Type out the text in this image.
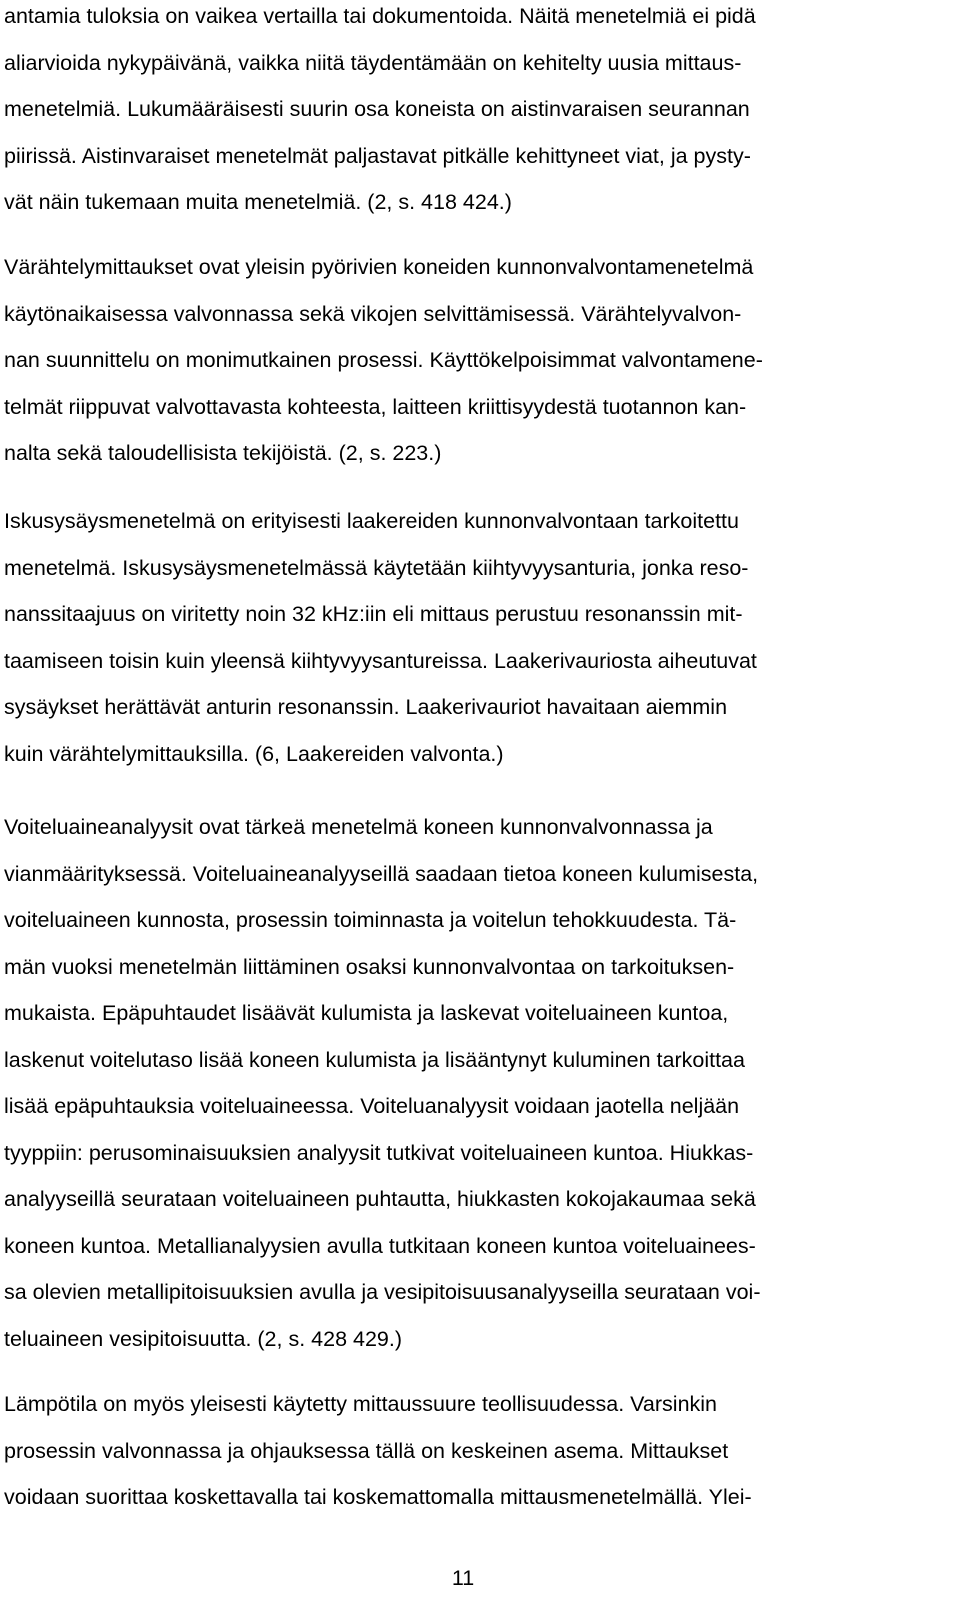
antamia tuloksia on vaikea vertailla tai dokumentoida. Näitä menetelmiä ei pidä
aliarvioida nykypäivänä, vaikka niitä täydentämään on kehitelty uusia mittaus-
menetelmiä. Lukumääräisesti suurin osa koneista on aistinvaraisen seurannan
piirissä. Aistinvaraiset menetelmät paljastavat pitkälle kehittyneet viat, ja pysty-
vät näin tukemaan muita menetelmiä. (2, s. 418 424.)

Värähtelymittaukset ovat yleisin pyörivien koneiden kunnonvalvontamenetelmä
käytönaikaisessa valvonnassa sekä vikojen selvittämisessä. Värähtelyvalvon-
nan suunnittelu on monimutkainen prosessi. Käyttökelpoisimmat valvontamene-
telmät riippuvat valvottavasta kohteesta, laitteen kriittisyydestä tuotannon kan-
nalta sekä taloudellisista tekijöistä. (2, s. 223.)

Iskusysäysmenetelmä on erityisesti laakereiden kunnonvalvontaan tarkoitettu
menetelmä. Iskusysäysmenetelmässä käytetään kiihtyvyysanturia, jonka reso-
nanssitaajuus on viritetty noin 32 kHz:iin eli mittaus perustuu resonanssin mit-
taamiseen toisin kuin yleensä kiihtyvyysantureissa. Laakerivauriosta aiheutuvat
sysäykset herättävät anturin resonanssin. Laakerivauriot havaitaan aiemmin
kuin värähtelymittauksilla. (6, Laakereiden valvonta.)

Voiteluaineanalyysit ovat tärkeä menetelmä koneen kunnonvalvonnassa ja
vianmäärityksessä. Voiteluaineanalyyseillä saadaan tietoa koneen kulumisesta,
voiteluaineen kunnosta, prosessin toiminnasta ja voitelun tehokkuudesta. Tä-
män vuoksi menetelmän liittäminen osaksi kunnonvalvontaa on tarkoituksen-
mukaista. Epäpuhtaudet lisäävät kulumista ja laskevat voiteluaineen kuntoa,
laskenut voitelutaso lisää koneen kulumista ja lisääntynyt kuluminen tarkoittaa
lisää epäpuhtauksia voiteluaineessa. Voiteluanalyysit voidaan jaotella neljään
tyyppiin: perusominaisuuksien analyysit tutkivat voiteluaineen kuntoa. Hiukkas-
analyyseillä seurataan voiteluaineen puhtautta, hiukkasten kokojakaumaa sekä
koneen kuntoa. Metallianalyysien avulla tutkitaan koneen kuntoa voiteluainees-
sa olevien metallipitoisuuksien avulla ja vesipitoisuusanalyyseilla seurataan voi-
teluaineen vesipitoisuutta. (2, s. 428 429.)

Lämpötila on myös yleisesti käytetty mittaussuure teollisuudessa. Varsinkin
prosessin valvonnassa ja ohjauksessa tällä on keskeinen asema. Mittaukset
voidaan suorittaa koskettavalla tai koskemattomalla mittausmenetelmällä. Ylei-

11
